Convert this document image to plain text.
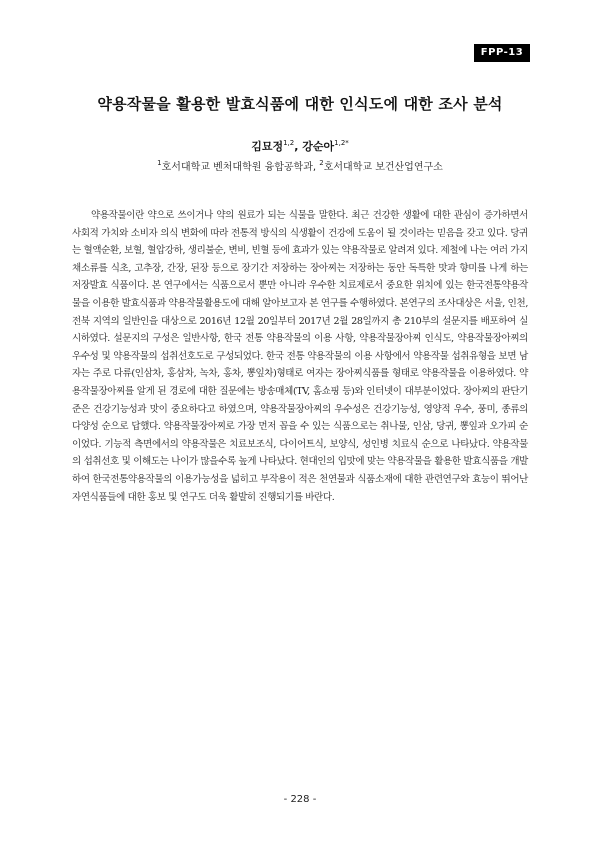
FPP-13
약용작물을 활용한 발효식품에 대한 인식도에 대한 조사 분석
김묘정$^{1,2}$, 강순아$^{1,2*}$
$^1$호서대학교 벤처대학원 융합공학과, $^2$호서대학교 보건산업연구소

약용작물이란 약으로 쓰이거나 약의 원료가 되는 식물을 말한다. 최근 건강한 생활에 대한 관심이 증가하면서 사회적 가치와 소비자 의식 변화에 따라 전통적 방식의 식생활이 건강에 도움이 될 것이라는 믿음을 갖고 있다. 당귀는 혈액순환, 보혈, 혈압강하, 생리불순, 변비, 빈혈 등에 효과가 있는 약용작물로 알려져 있다. 제철에 나는 여러 가지 채소류를 식초, 고추장, 간장, 된장 등으로 장기간 저장하는 장아찌는 저장하는 동안 독특한 맛과 향미를 나게 하는 저장발효 식품이다. 본 연구에서는 식품으로서 뿐만 아니라 우수한 치료제로서 중요한 위치에 있는 한국전통약용작물을 이용한 발효식품과 약용작물활용도에 대해 알아보고자 본 연구를 수행하였다. 본연구의 조사대상은 서울, 인천, 전북 지역의 일반인을 대상으로 2016년 12월 20일부터 2017년 2월 28일까지 총 210부의 설문지를 배포하여 실시하였다. 설문지의 구성은 일반사항, 한국 전통 약용작물의 이용 사항, 약용작물장아찌 인식도, 약용작물장아찌의 우수성 및 약용작물의 섭취선호도로 구성되었다. 한국 전통 약용작물의 이용 사항에서 약용작물 섭취유형을 보면 남자는 주로 다류(인삼차, 홍삼차, 녹차, 홍차, 뽕잎차)형태로 여자는 장아찌식품를 형태로 약용작물을 이용하였다. 약용작물장아찌를 알게 된 경로에 대한 질문에는 방송매체(TV, 홈쇼핑 등)와 인터넷이 대부분이었다. 장아찌의 판단기준은 건강기능성과 맛이 중요하다고 하였으며, 약용작물장아찌의 우수성은 건강기능성, 영양적 우수, 풍미, 종류의 다양성 순으로 답했다. 약용작물장아찌로 가장 먼저 꼽을 수 있는 식품으로는 취나물, 인삼, 당귀, 뽕잎과 오가피 순이었다. 기능적 측면에서의 약용작물은 치료보조식, 다이어트식, 보양식, 성인병 치료식 순으로 나타났다. 약용작물의 섭취선호 및 이해도는 나이가 많을수록 높게 나타났다. 현대인의 입맛에 맞는 약용작물을 활용한 발효식품을 개발하여 한국전통약용작물의 이용가능성을 넓히고 부작용이 적은 천연물과 식품소재에 대한 관련연구와 효능이 뛰어난 자연식품들에 대한 홍보 및 연구도 더욱 활발히 진행되기를 바란다.

- 228 -
